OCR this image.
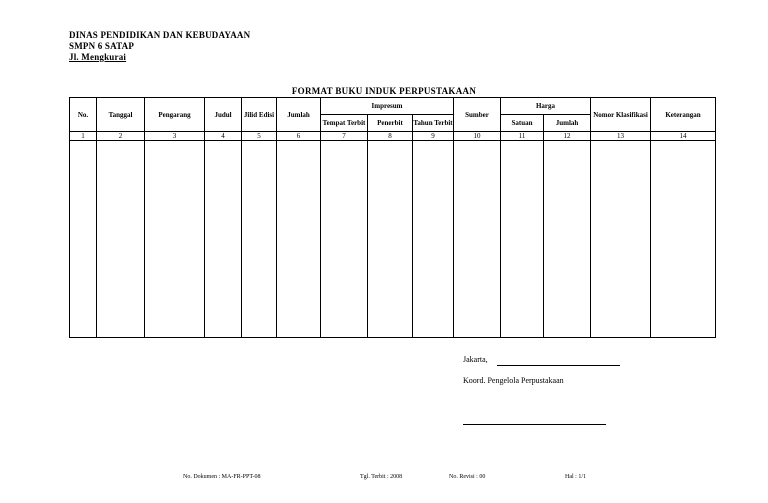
DINAS PENDIDIKAN DAN KEBUDAYAAN
SMPN 6 SATAP
Jl. Mengkurai
FORMAT BUKU INDUK PERPUSTAKAAN
No.	Tanggal	Pengarang	Judul	Jilid Edisi	Jumlah	Impresum			Sumber	Harga		Nomor Klasifikasi	Keterangan
						Tempat Terbit	Penerbit	Tahun Terbit		Satuan	Jumlah		
1	2	3	4	5	6	7	8	9	10	11	12	13	14

Jakarta,
Koord. Pengelola Perpustakaan
No. Dokumen : MA-FR-PPT-08	Tgl. Terbit : 2008	No. Revisi : 00	Hal : 1/1
